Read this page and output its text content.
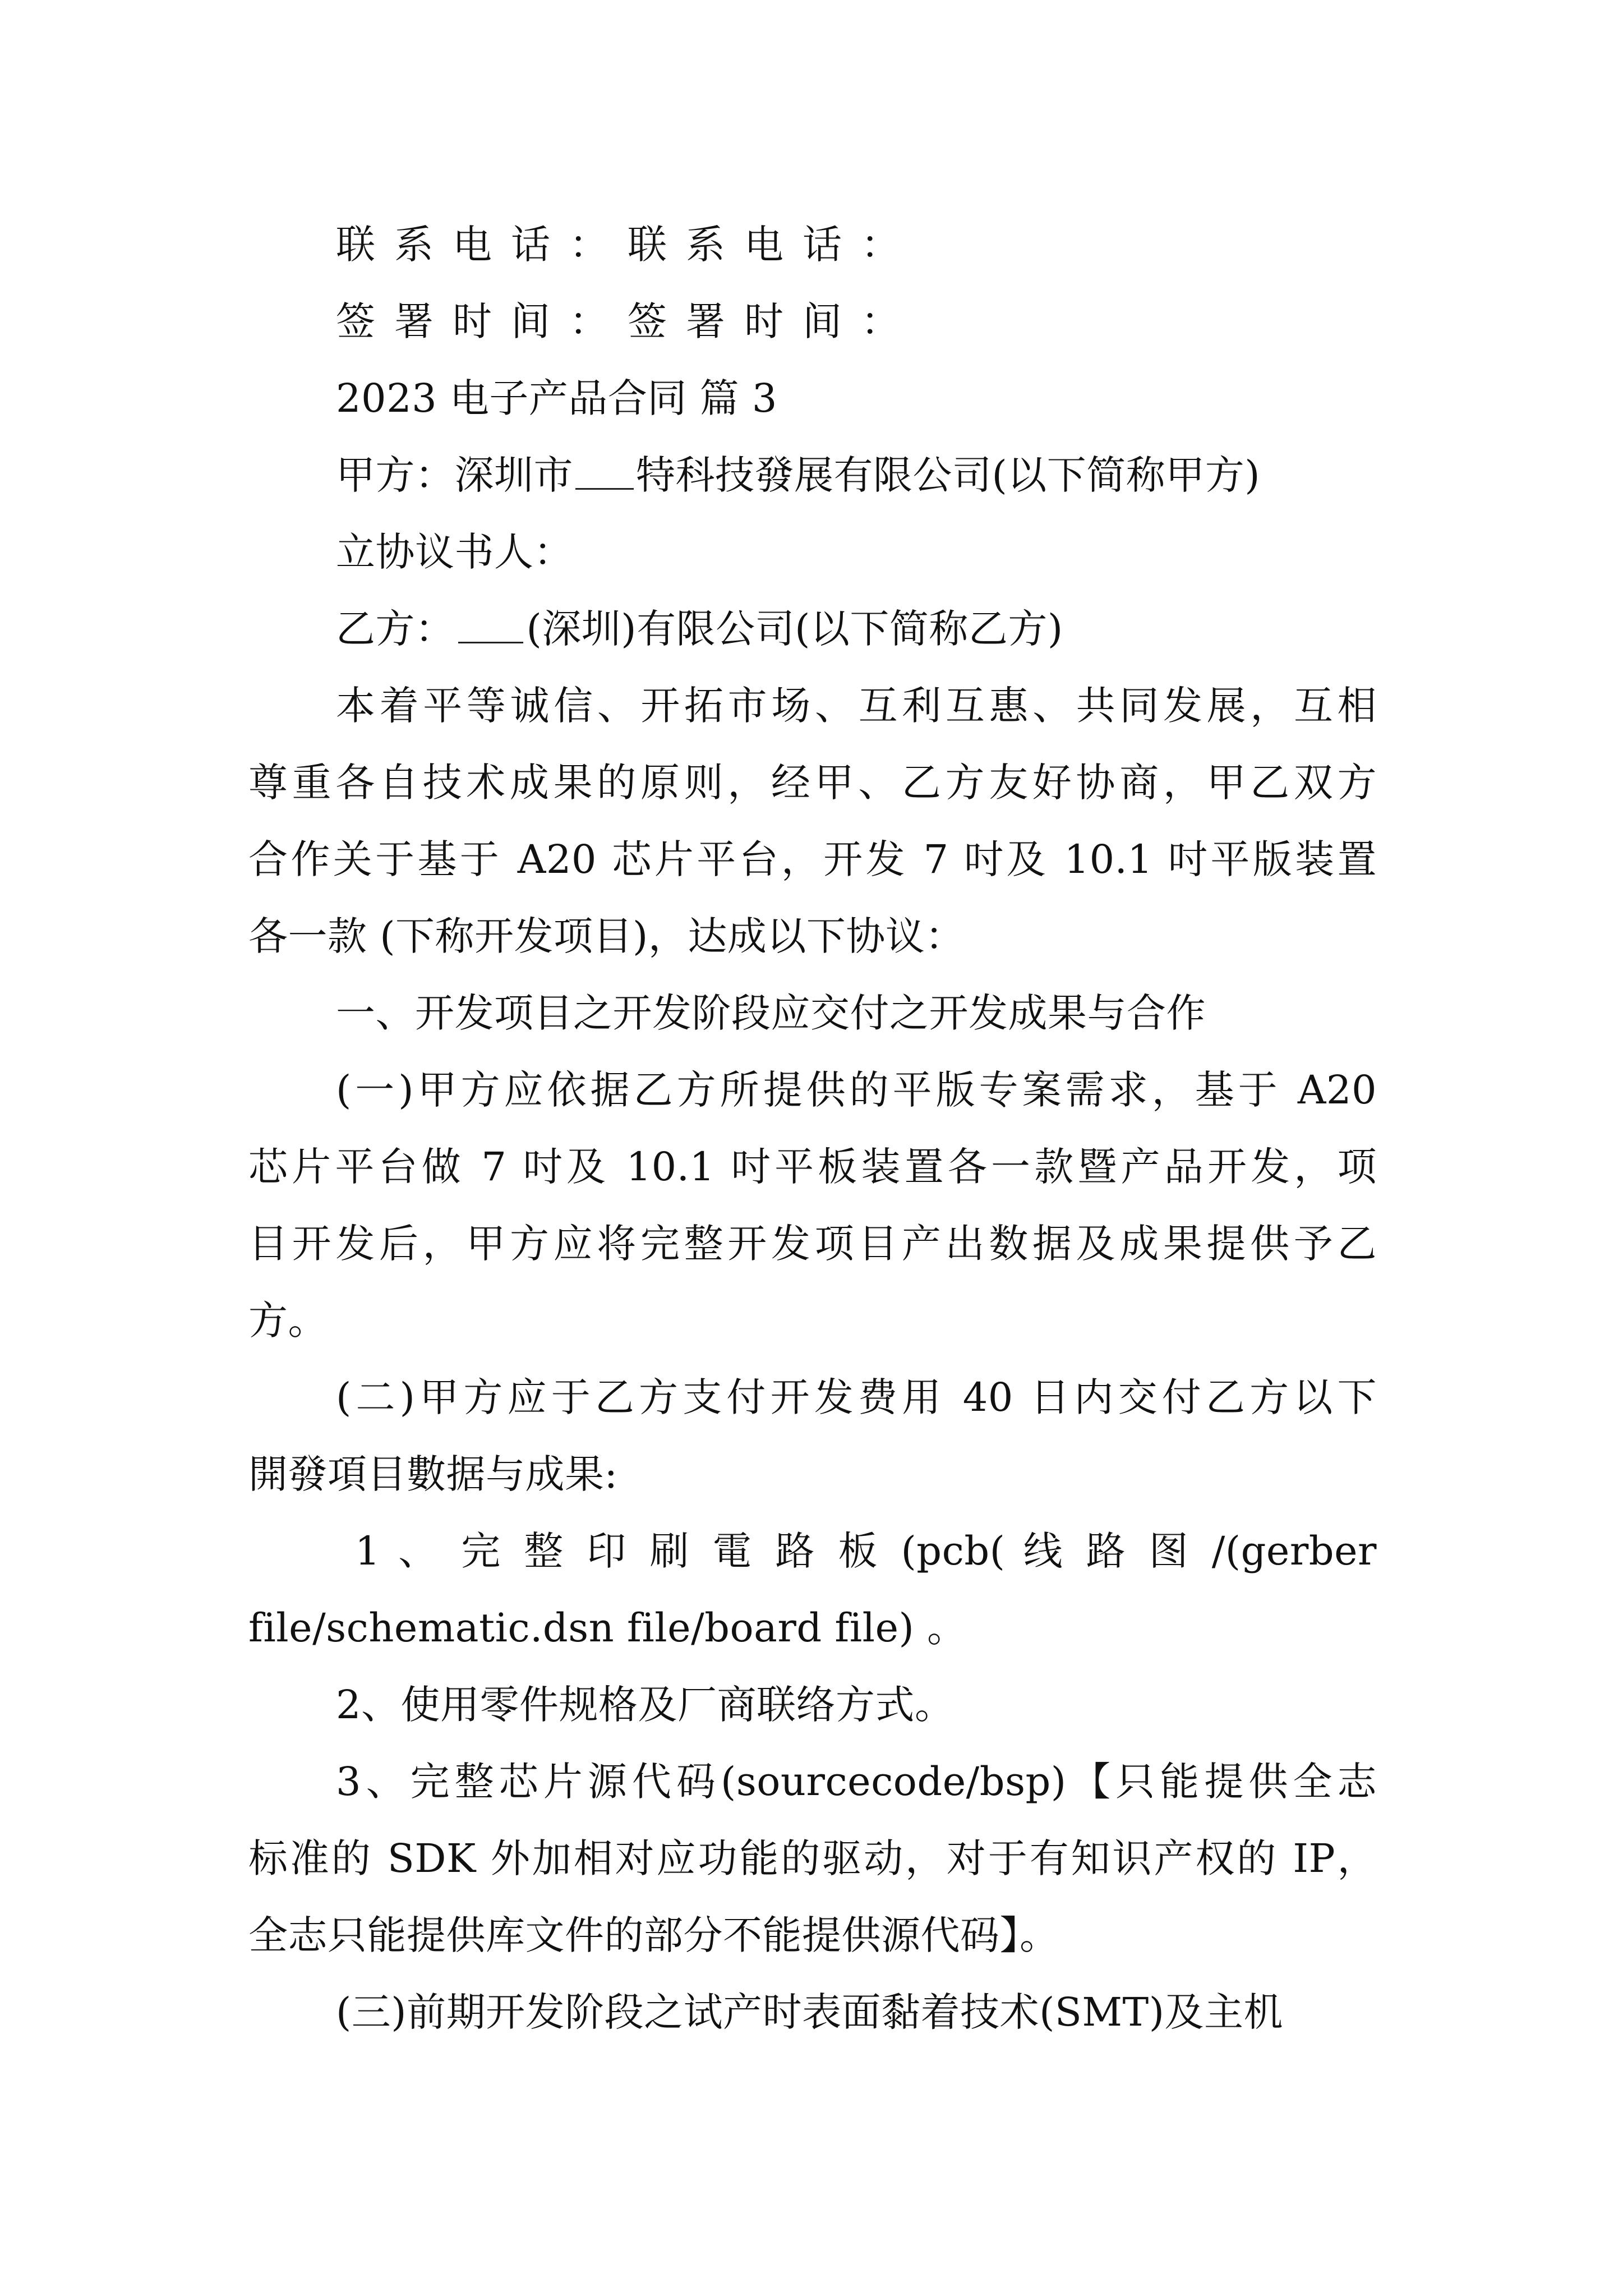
联系电话：联系电话：
签署时间：签署时间：
2023 电子产品合同 篇 3
甲方：深圳市 特科技發展有限公司(以下简称甲方)
立协议书人：
乙方： (深圳)有限公司(以下简称乙方)
本着平等诚信、开拓市场、互利互惠、共同发展，互相
尊重各自技术成果的原则，经甲、乙方友好协商，甲乙双方
合作关于基于 A20 芯片平台，开发 7 吋及 10.1 吋平版装置
各一款 (下称开发项目)，达成以下协议：
一、开发项目之开发阶段应交付之开发成果与合作
(一)甲方应依据乙方所提供的平版专案需求，基于 A20
芯片平台做 7 吋及 10.1 吋平板装置各一款暨产品开发，项
目开发后，甲方应将完整开发项目产出数据及成果提供予乙
方。
(二)甲方应于乙方支付开发费用 40 日内交付乙方以下
開發項目數据与成果:
1 、 完 整 印 刷 電 路 板 (pcb( 线 路 图 /(gerber
file/schematic.dsn file/board file) 。
2、使用零件规格及厂商联络方式。
3、完整芯片源代码(sourcecode/bsp)【只能提供全志
标准的 SDK 外加相对应功能的驱动，对于有知识产权的 IP，
全志只能提供库文件的部分不能提供源代码】。
(三)前期开发阶段之试产时表面黏着技术(SMT)及主机
